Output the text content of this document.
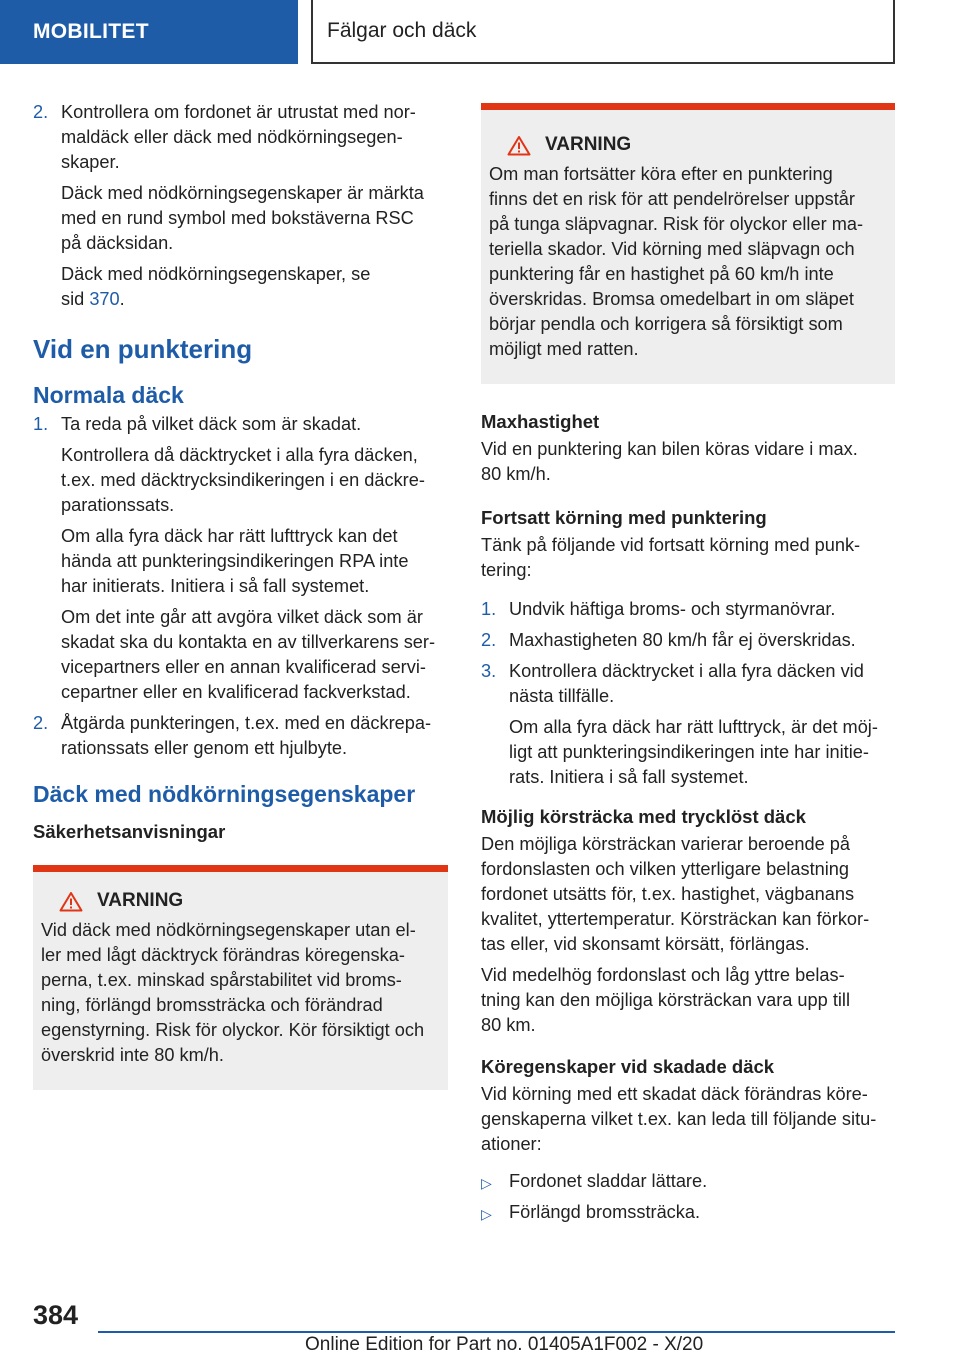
MOBILITET	Fälgar och däck
2. Kontrollera om fordonet är utrustat med nor-
maldäck eller däck med nödkörningsegen-
skaper.

Däck med nödkörningsegenskaper är märkta
med en rund symbol med bokstäverna RSC
på däcksidan.

Däck med nödkörningsegenskaper, se
sid 370.

Vid en punktering
Normala däck
1. Ta reda på vilket däck som är skadat.

Kontrollera då däcktrycket i alla fyra däcken,
t.ex. med däcktrycksindikeringen i en däckre-
parationssats.

Om alla fyra däck har rätt lufttryck kan det
hända att punkteringsindikeringen RPA inte
har initierats. Initiera i så fall systemet.

Om det inte går att avgöra vilket däck som är
skadat ska du kontakta en av tillverkarens ser-
vicepartners eller en annan kvalificerad servi-
cepartner eller en kvalificerad fackverkstad.

2. Åtgärda punkteringen, t.ex. med en däckrepa-
rationssats eller genom ett hjulbyte.

Däck med nödkörningsegenskaper
Säkerhetsanvisningar
VARNING

Vid däck med nödkörningsegenskaper utan el-
ler med lågt däcktryck förändras köregenska-
perna, t.ex. minskad spårstabilitet vid broms-
ning, förlängd bromssträcka och förändrad
egenstyrning. Risk för olyckor. Kör försiktigt och
överskrid inte 80 km/h.

VARNING

Om man fortsätter köra efter en punktering
finns det en risk för att pendelrörelser uppstår
på tunga släpvagnar. Risk för olyckor eller ma-
teriella skador. Vid körning med släpvagn och
punktering får en hastighet på 60 km/h inte
överskridas. Bromsa omedelbart in om släpet
börjar pendla och korrigera så försiktigt som
möjligt med ratten.

Maxhastighet

Vid en punktering kan bilen köras vidare i max.
80 km/h.

Fortsatt körning med punktering

Tänk på följande vid fortsatt körning med punk-
tering:

1. Undvik häftiga broms- och styrmanövrar.

2. Maxhastigheten 80 km/h får ej överskridas.

3. Kontrollera däcktrycket i alla fyra däcken vid
nästa tillfälle.

Om alla fyra däck har rätt lufttryck, är det möj-
ligt att punkteringsindikeringen inte har initie-
rats. Initiera i så fall systemet.

Möjlig körsträcka med trycklöst däck

Den möjliga körsträckan varierar beroende på
fordonslasten och vilken ytterligare belastning
fordonet utsätts för, t.ex. hastighet, vägbanans
kvalitet, yttertemperatur. Körsträckan kan förkor-
tas eller, vid skonsamt körsätt, förlängas.

Vid medelhög fordonslast och låg yttre belas-
tning kan den möjliga körsträckan vara upp till
80 km.

Köregenskaper vid skadade däck

Vid körning med ett skadat däck förändras köre-
genskaperna vilket t.ex. kan leda till följande situ-
ationer:

▷ Fordonet sladdar lättare.

▷ Förlängd bromssträcka.

384
Online Edition for Part no. 01405A1F002 - X/20
